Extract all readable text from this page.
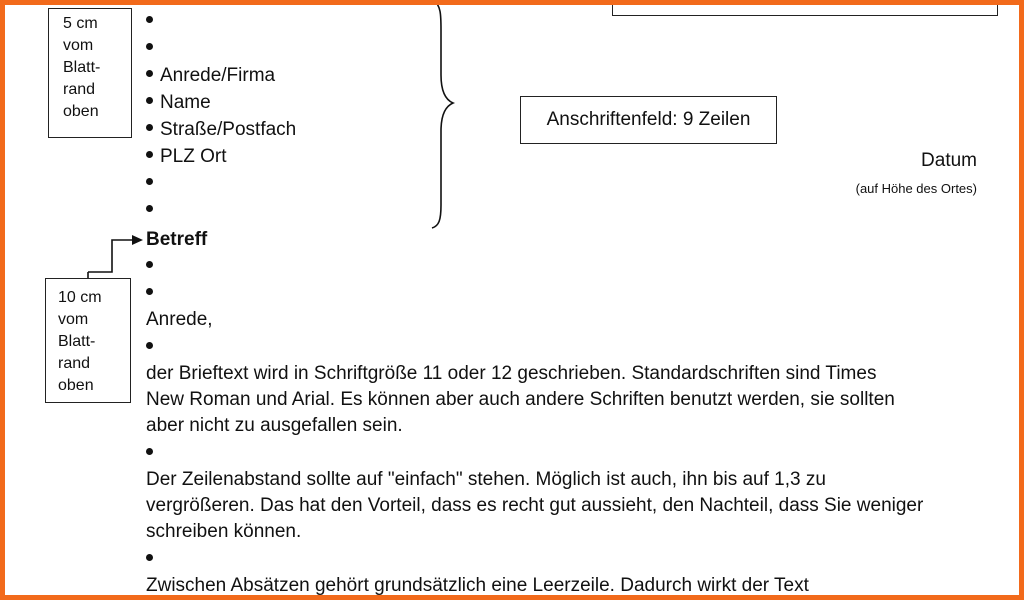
5 cm
vom
Blatt-
rand
oben
10 cm
vom
Blatt-
rand
oben
Anrede/Firma
Name
Straße/Postfach
PLZ Ort
Anschriftenfeld: 9 Zeilen
Datum
(auf Höhe des Ortes)
Betreff
Anrede,
der Brieftext wird in Schriftgröße 11 oder 12 geschrieben. Standardschriften sind Times
New Roman und Arial. Es können aber auch andere Schriften benutzt werden, sie sollten
aber nicht zu ausgefallen sein.
Der Zeilenabstand sollte auf "einfach" stehen. Möglich ist auch, ihn bis auf 1,3 zu
vergrößeren. Das hat den Vorteil, dass es recht gut aussieht, den Nachteil, dass Sie weniger
schreiben können.
Zwischen Absätzen gehört grundsätzlich eine Leerzeile. Dadurch wirkt der Text
